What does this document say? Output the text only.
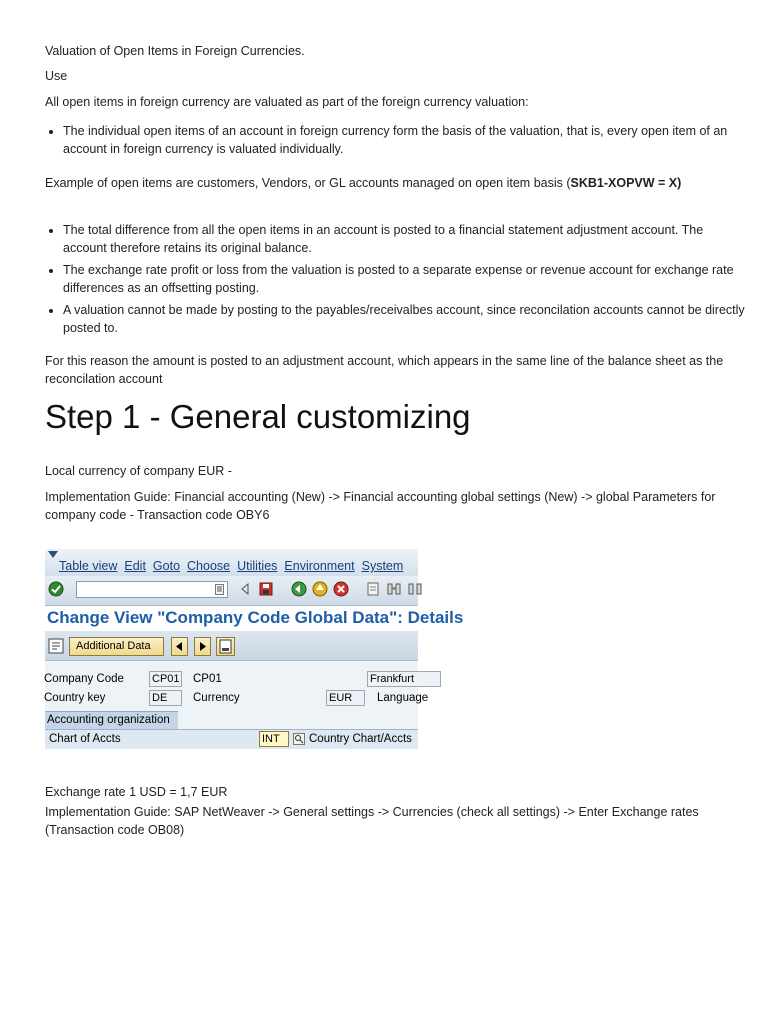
Valuation of Open Items in Foreign Currencies.

Use

All open items in foreign currency are valuated as part of the foreign currency valuation:

• The individual open items of an account in foreign currency form the basis of the valuation, that is, every open item of an account in foreign currency is valuated individually.

Example of open items are customers, Vendors, or GL accounts managed on open item basis (SKB1-XOPVW = X)

• The total difference from all the open items in an account is posted to a financial statement adjustment account. The account therefore retains its original balance.
• The exchange rate profit or loss from the valuation is posted to a separate expense or revenue account for exchange rate differences as an offsetting posting.
• A valuation cannot be made by posting to the payables/receivalbes account, since reconcilation accounts cannot be directly posted to.

For this reason the amount is posted to an adjustment account, which appears in the same line of the balance sheet as the reconcilation account

Step 1 - General customizing

Local currency of company EUR -

Implementation Guide: Financial accounting (New) -> Financial accounting global settings (New) -> global Parameters for company code - Transaction code OBY6

Table view Edit Goto Choose Utilities Environment System
Change View "Company Code Global Data": Details
Additional Data
Company Code	CP01 CP01	Frankfurt
Country key	DE	Currency	EUR	Language
Accounting organization
Chart of Accts	INT	Country Chart/Accts

Exchange rate 1 USD = 1,7 EUR

Implementation Guide: SAP NetWeaver -> General settings -> Currencies (check all settings) -> Enter Exchange rates (Transaction code OB08)
